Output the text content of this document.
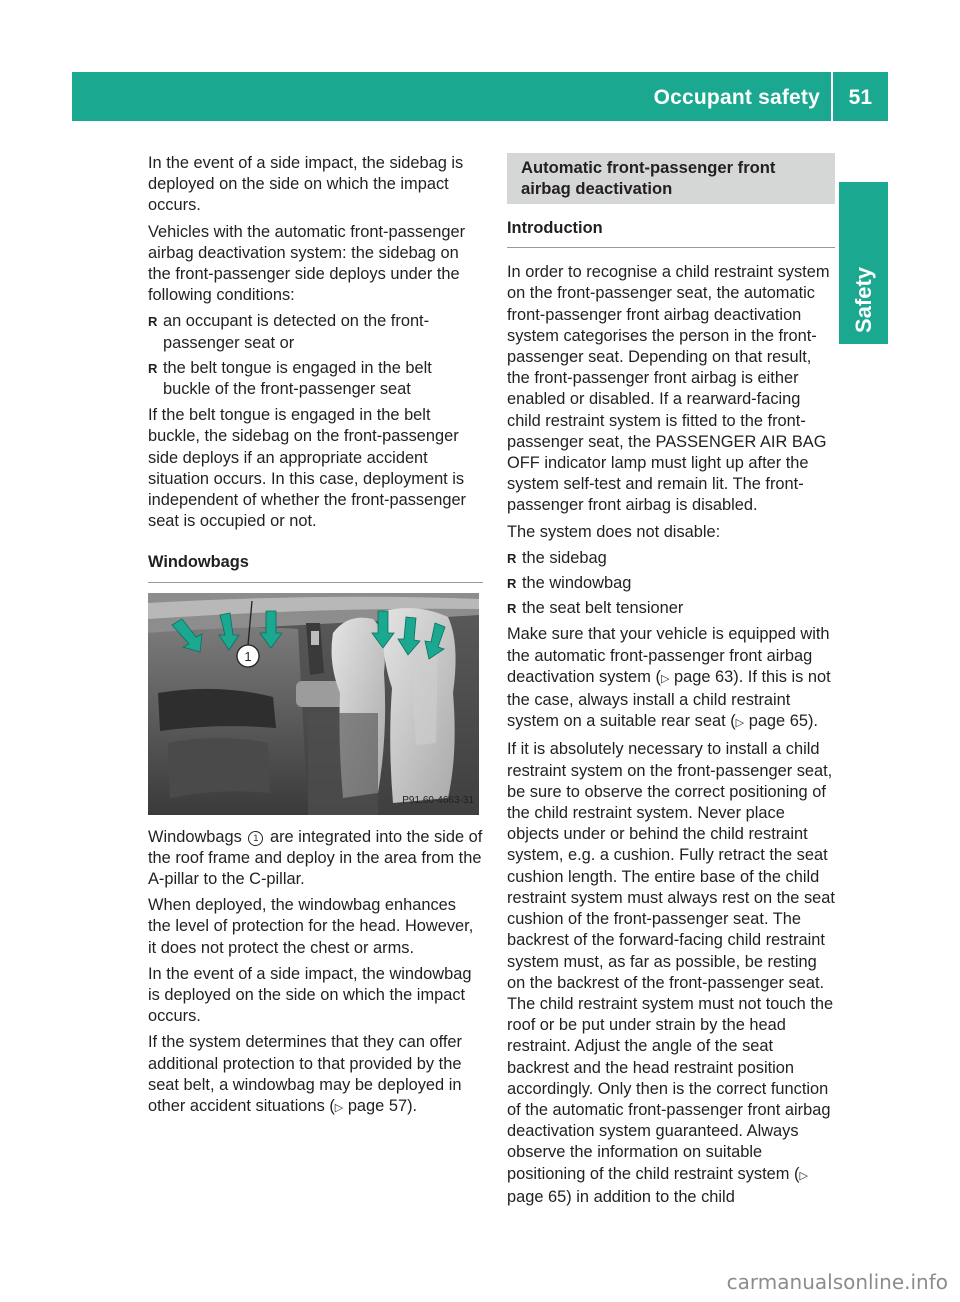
Occupant safety 51
Safety

In the event of a side impact, the sidebag is deployed on the side on which the impact occurs.

Vehicles with the automatic front-passenger airbag deactivation system: the sidebag on the front-passenger side deploys under the following conditions:

R an occupant is detected on the front-passenger seat or
R the belt tongue is engaged in the belt buckle of the front-passenger seat

If the belt tongue is engaged in the belt buckle, the sidebag on the front-passenger side deploys if an appropriate accident situation occurs. In this case, deployment is independent of whether the front-passenger seat is occupied or not.

Windowbags
1
P91.60-4663-31

Windowbags 1 are integrated into the side of the roof frame and deploy in the area from the A-pillar to the C-pillar.

When deployed, the windowbag enhances the level of protection for the head. However, it does not protect the chest or arms.

In the event of a side impact, the windowbag is deployed on the side on which the impact occurs.

If the system determines that they can offer additional protection to that provided by the seat belt, a windowbag may be deployed in other accident situations (▷ page 57).

Automatic front-passenger front airbag deactivation
Introduction

In order to recognise a child restraint system on the front-passenger seat, the automatic front-passenger front airbag deactivation system categorises the person in the front-passenger seat. Depending on that result, the front-passenger front airbag is either enabled or disabled. If a rearward-facing child restraint system is fitted to the front-passenger seat, the PASSENGER AIR BAG OFF indicator lamp must light up after the system self-test and remain lit. The front-passenger front airbag is disabled.

The system does not disable:

R the sidebag
R the windowbag
R the seat belt tensioner

Make sure that your vehicle is equipped with the automatic front-passenger front airbag deactivation system (▷ page 63). If this is not the case, always install a child restraint system on a suitable rear seat (▷ page 65).

If it is absolutely necessary to install a child restraint system on the front-passenger seat, be sure to observe the correct positioning of the child restraint system. Never place objects under or behind the child restraint system, e.g. a cushion. Fully retract the seat cushion length. The entire base of the child restraint system must always rest on the seat cushion of the front-passenger seat. The backrest of the forward-facing child restraint system must, as far as possible, be resting on the backrest of the front-passenger seat. The child restraint system must not touch the roof or be put under strain by the head restraint. Adjust the angle of the seat backrest and the head restraint position accordingly. Only then is the correct function of the automatic front-passenger front airbag deactivation system guaranteed. Always observe the information on suitable positioning of the child restraint system (▷ page 65) in addition to the child

carmanualsonline.info
